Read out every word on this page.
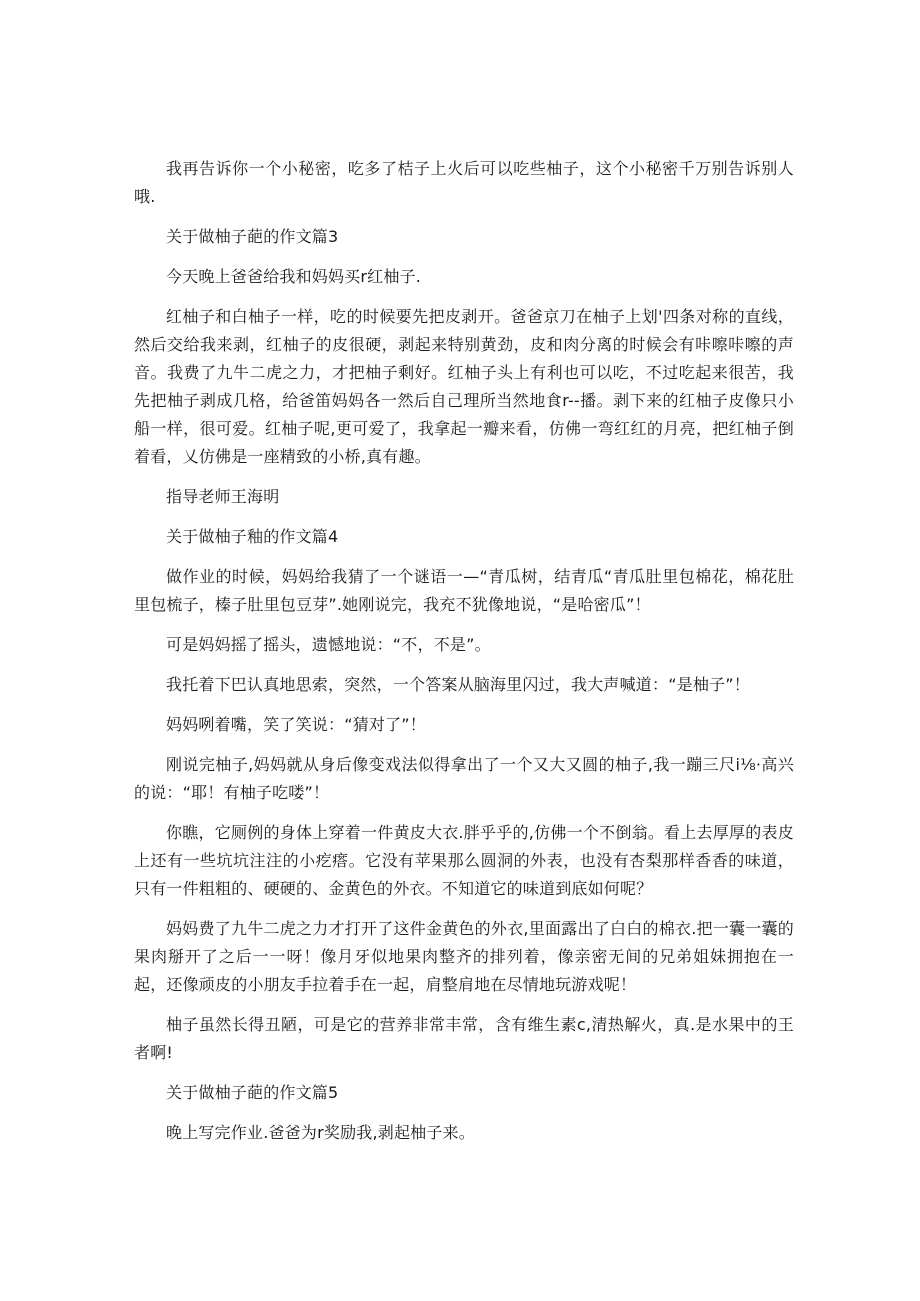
我再告诉你一个小秘密，吃多了桔子上火后可以吃些柚子，这个小秘密千万别告诉别人哦.

关于做柚子葩的作文篇3

今天晚上爸爸给我和妈妈买r红柚子.

红柚子和白柚子一样，吃的时候要先把皮剥开。爸爸京刀在柚子上划'四条对称的直线，然后交给我来剥，红柚子的皮很硬，剥起来特别黄劲，皮和肉分离的时候会有咔嚓咔嚓的声音。我费了九牛二虎之力，才把柚子剩好。红柚子头上有利也可以吃，不过吃起来很苦，我先把柚子剥成几格，给爸笛妈妈各一然后自己理所当然地食r--播。剥下来的红柚子皮像只小船一样，很可爱。红柚子呢,更可爱了，我拿起一瓣来看，仿佛一弯红红的月亮，把红柚子倒着看，乂仿佛是一座精致的小桥,真有趣。

指导老师王海明

关于做柚子釉的作文篇4

做作业的时候，妈妈给我猜了一个谜语一—“青瓜树，结青瓜“青瓜肚里包棉花，棉花肚里包梳子，榛子肚里包豆芽”.她刚说完，我充不犹像地说，“是哈密瓜”！

可是妈妈摇了摇头，遗憾地说：“不，不是”。

我托着下巴认真地思索，突然，一个答案从脑海里闪过，我大声喊道：“是柚子”！

妈妈咧着嘴，笑了笑说：“猜对了”！

刚说完柚子,妈妈就从身后像变戏法似得拿出了一个又大又圆的柚子,我一蹦三尺i⅛·高兴的说：“耶！有柚子吃喽”！

你瞧，它厕例的身体上穿着一件黄皮大衣.胖乎乎的,仿佛一个不倒翁。看上去厚厚的表皮上还有一些坑坑注注的小疙瘩。它没有苹果那么圆洞的外表，也没有杏梨那样香香的味道，只有一件粗粗的、硬硬的、金黄色的外衣。不知道它的味道到底如何呢？

妈妈费了九牛二虎之力才打开了这件金黄色的外衣,里面露出了白白的棉衣.把一囊一囊的果肉掰开了之后一一呀！像月牙似地果肉整齐的排列着，像亲密无间的兄弟姐妹拥抱在一起，还像顽皮的小朋友手拉着手在一起，肩整肩地在尽情地玩游戏呢！

柚子虽然长得丑陋，可是它的营养非常丰常，含有维生素c,清热解火，真.是水果中的王者啊!

关于做柚子葩的作文篇5

晚上写完作业.爸爸为r奖励我,剥起柚子来。
